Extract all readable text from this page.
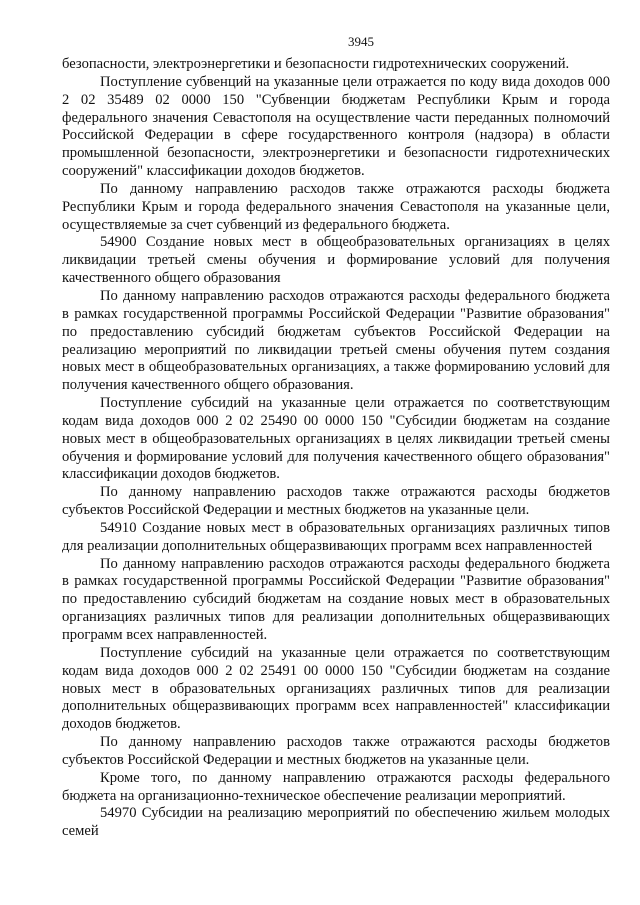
3945

безопасности, электроэнергетики и безопасности гидротехнических сооружений.

Поступление субвенций на указанные цели отражается по коду вида доходов 000 2 02 35489 02 0000 150 "Субвенции бюджетам Республики Крым и города федерального значения Севастополя на осуществление части переданных полномочий Российской Федерации в сфере государственного контроля (надзора) в области промышленной безопасности, электроэнергетики и безопасности гидротехнических сооружений" классификации доходов бюджетов.

По данному направлению расходов также отражаются расходы бюджета Республики Крым и города федерального значения Севастополя на указанные цели, осуществляемые за счет субвенций из федерального бюджета.

54900 Создание новых мест в общеобразовательных организациях в целях ликвидации третьей смены обучения и формирование условий для получения качественного общего образования

По данному направлению расходов отражаются расходы федерального бюджета в рамках государственной программы Российской Федерации "Развитие образования" по предоставлению субсидий бюджетам субъектов Российской Федерации на реализацию мероприятий по ликвидации третьей смены обучения путем создания новых мест в общеобразовательных организациях, а также формированию условий для получения качественного общего образования.

Поступление субсидий на указанные цели отражается по соответствующим кодам вида доходов 000 2 02 25490 00 0000 150 "Субсидии бюджетам на создание новых мест в общеобразовательных организациях в целях ликвидации третьей смены обучения и формирование условий для получения качественного общего образования" классификации доходов бюджетов.

По данному направлению расходов также отражаются расходы бюджетов субъектов Российской Федерации и местных бюджетов на указанные цели.

54910 Создание новых мест в образовательных организациях различных типов для реализации дополнительных общеразвивающих программ всех направленностей

По данному направлению расходов отражаются расходы федерального бюджета в рамках государственной программы Российской Федерации "Развитие образования" по предоставлению субсидий бюджетам на создание новых мест в образовательных организациях различных типов для реализации дополнительных общеразвивающих программ всех направленностей.

Поступление субсидий на указанные цели отражается по соответствующим кодам вида доходов 000 2 02 25491 00 0000 150 "Субсидии бюджетам на создание новых мест в образовательных организациях различных типов для реализации дополнительных общеразвивающих программ всех направленностей" классификации доходов бюджетов.

По данному направлению расходов также отражаются расходы бюджетов субъектов Российской Федерации и местных бюджетов на указанные цели.

Кроме того, по данному направлению отражаются расходы федерального бюджета на организационно-техническое обеспечение реализации мероприятий.

54970 Субсидии на реализацию мероприятий по обеспечению жильем молодых семей
